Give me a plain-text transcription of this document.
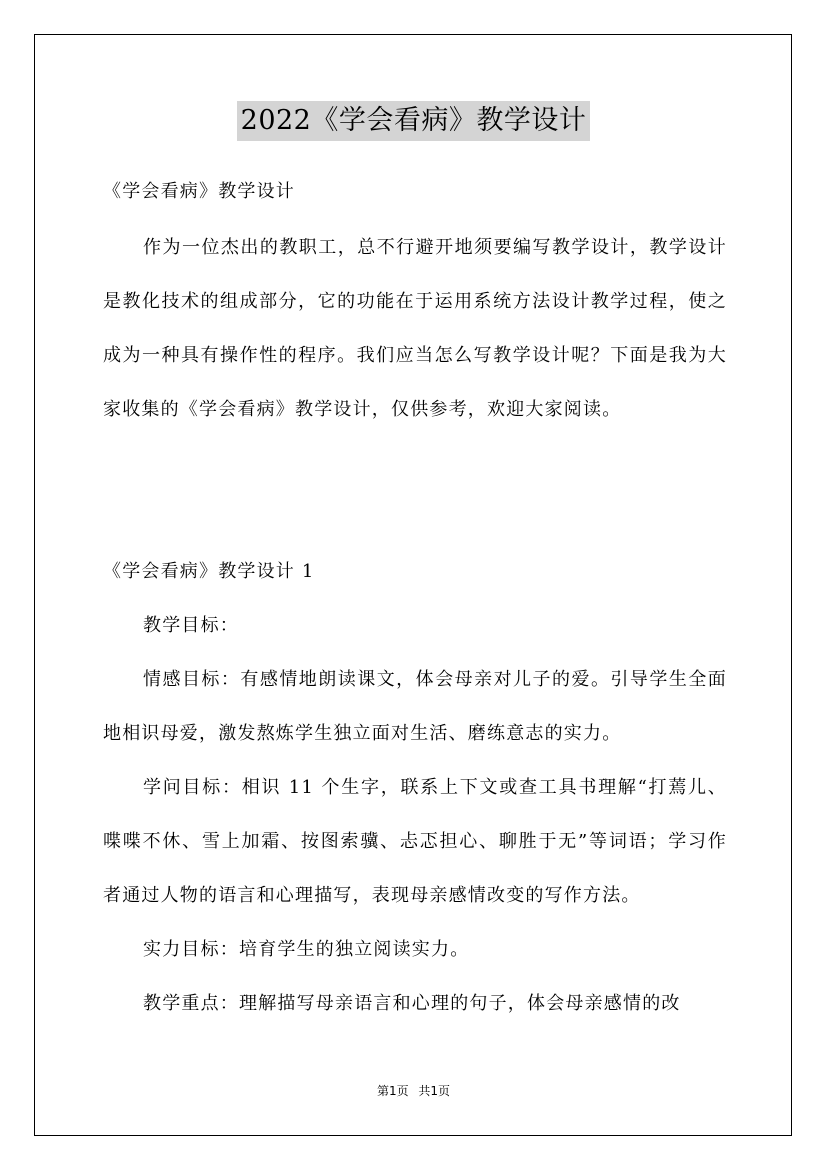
2022《学会看病》教学设计

《学会看病》教学设计

作为一位杰出的教职工，总不行避开地须要编写教学设计，教学设计是教化技术的组成部分，它的功能在于运用系统方法设计教学过程，使之成为一种具有操作性的程序。我们应当怎么写教学设计呢？下面是我为大家收集的《学会看病》教学设计，仅供参考，欢迎大家阅读。

《学会看病》教学设计 1

教学目标：

情感目标：有感情地朗读课文，体会母亲对儿子的爱。引导学生全面地相识母爱，激发熬炼学生独立面对生活、磨练意志的实力。

学问目标：相识 11 个生字，联系上下文或查工具书理解“打蔫儿、喋喋不休、雪上加霜、按图索骥、忐忑担心、聊胜于无”等词语；学习作者通过人物的语言和心理描写，表现母亲感情改变的写作方法。

实力目标：培育学生的独立阅读实力。

教学重点：理解描写母亲语言和心理的句子，体会母亲感情的改

第1页 共1页
